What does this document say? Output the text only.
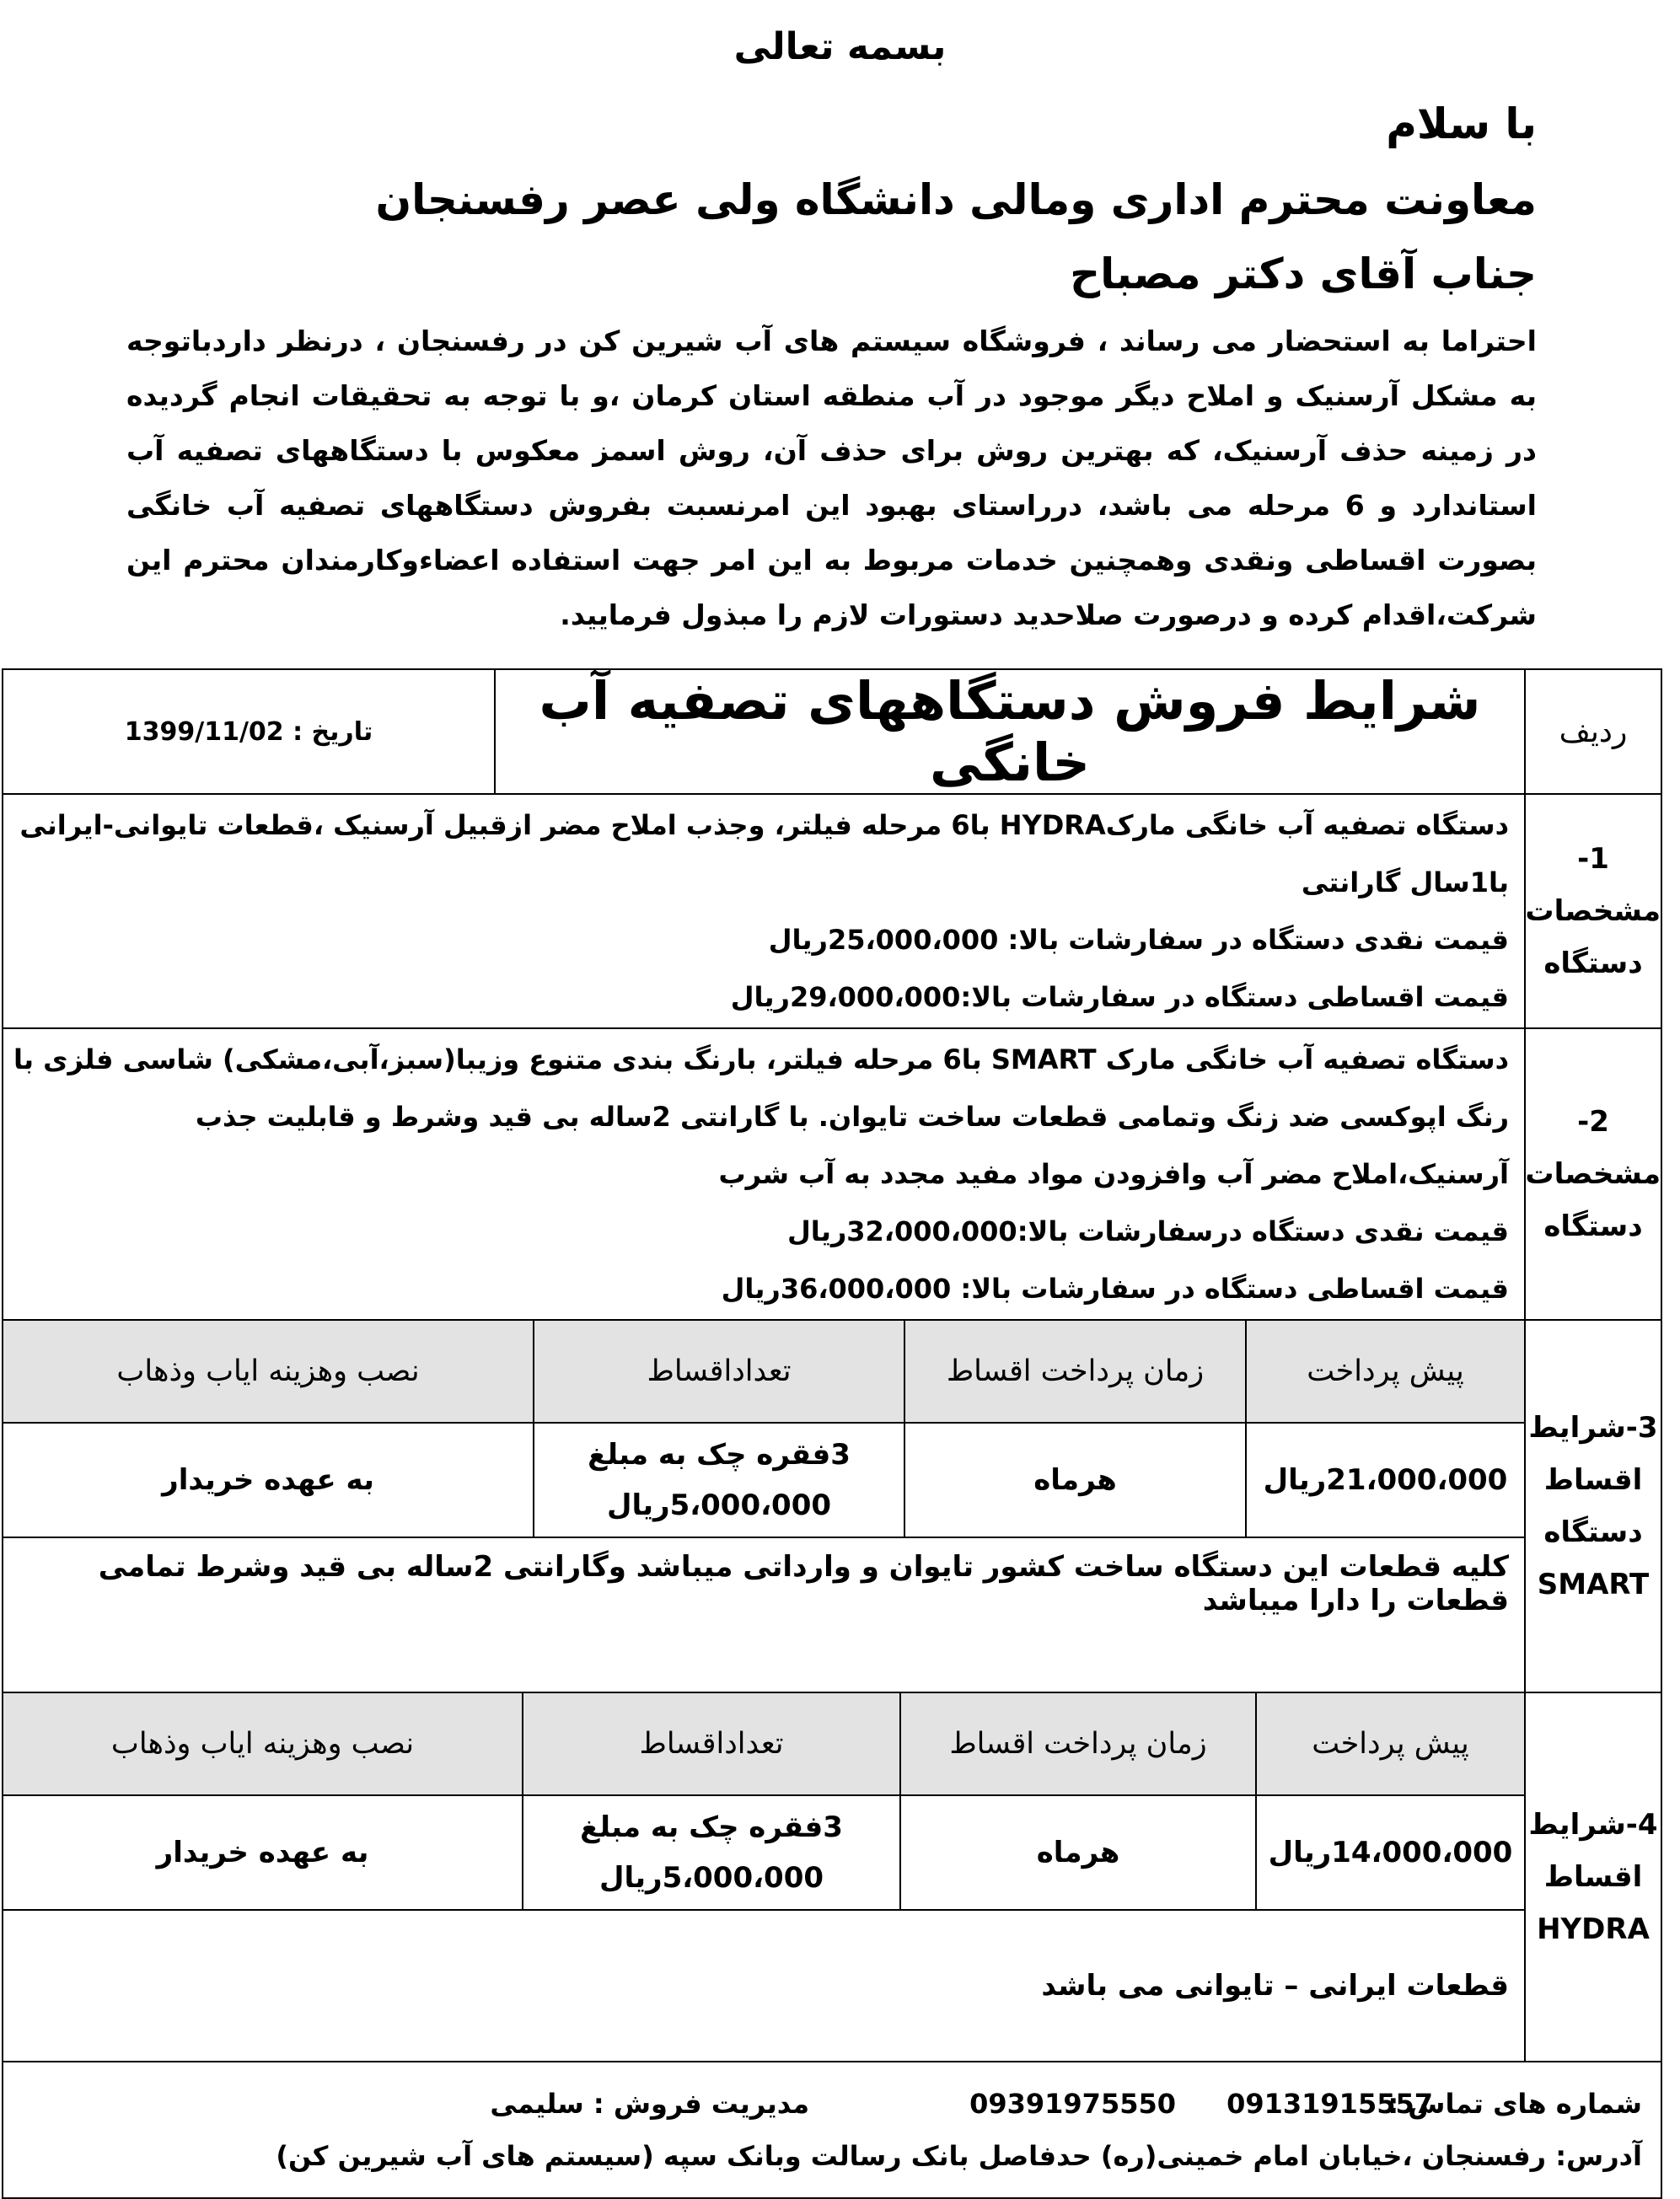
بسمه تعالی
با سلام
معاونت محترم اداری ومالی دانشگاه ولی عصر رفسنجان
جناب آقای دکتر مصباح
احتراما به استحضار می رساند ، فروشگاه سیستم های آب شیرین کن در رفسنجان ، درنظر داردباتوجه به مشکل آرسنیک و املاح دیگر موجود در آب منطقه استان کرمان ،و با توجه به تحقیقات انجام گردیده در زمینه حذف آرسنیک، که بهترین روش برای حذف آن، روش اسمز معکوس با دستگاههای تصفیه آب استاندارد و 6 مرحله می باشد، درراستای بهبود این امرنسبت بفروش دستگاههای تصفیه آب خانگی بصورت اقساطی ونقدی وهمچنین خدمات مربوط به این امر جهت استفاده اعضاءوکارمندان محترم این شرکت،اقدام کرده و درصورت صلاحدید دستورات لازم را مبذول فرمایید.
ردیف	شرایط فروش دستگاههای تصفیه آب خانگی	تاریخ : 1399/11/02

1-مشخصات
دستگاه

دستگاه تصفیه آب خانگی مارکHYDRA با6 مرحله فیلتر، وجذب املاح مضر ازقبیل آرسنیک ،قطعات تایوانی-ایرانی با1سال گارانتی
قیمت نقدی دستگاه در سفارشات بالا: 25،000،000ریال
قیمت اقساطی دستگاه در سفارشات بالا:29،000،000ریال

2- مشخصات
دستگاه

دستگاه تصفیه آب خانگی مارک SMART با6 مرحله فیلتر، بارنگ بندی متنوع وزیبا(سبز،آبی،مشکی) شاسی فلزی با رنگ اپوکسی ضد زنگ وتمامی قطعات ساخت تایوان. با گارانتی 2ساله بی قید وشرط و قابلیت جذب آرسنیک،املاح مضر آب وافزودن مواد مفید مجدد به آب شرب
قیمت نقدی دستگاه درسفارشات بالا:32،000،000ریال
قیمت اقساطی دستگاه در سفارشات بالا: 36،000،000ریال

3-شرایط اقساط
دستگاه
SMART

پیش پرداخت	زمان پرداخت اقساط	تعداداقساط	نصب وهزینه ایاب وذهاب
21،000،000ریال	هرماه	3فقره چک به مبلغ 5،000،000ریال	به عهده خریدار
کلیه قطعات این دستگاه ساخت کشور تایوان و وارداتی میباشد وگارانتی 2ساله بی قید وشرط تمامی قطعات را دارا میباشد

4-شرایط اقساط
HYDRA

پیش پرداخت	زمان پرداخت اقساط	تعداداقساط	نصب وهزینه ایاب وذهاب
14،000،000ریال	هرماه	3فقره چک به مبلغ 5،000،000ریال	به عهده خریدار
قطعات ایرانی – تایوانی می باشد

شماره های تماس :
09131915557
09391975550
مدیریت فروش : سلیمی
آدرس: رفسنجان ،خیابان امام خمینی(ره) حدفاصل بانک رسالت وبانک سپه (سیستم های آب شیرین کن)
